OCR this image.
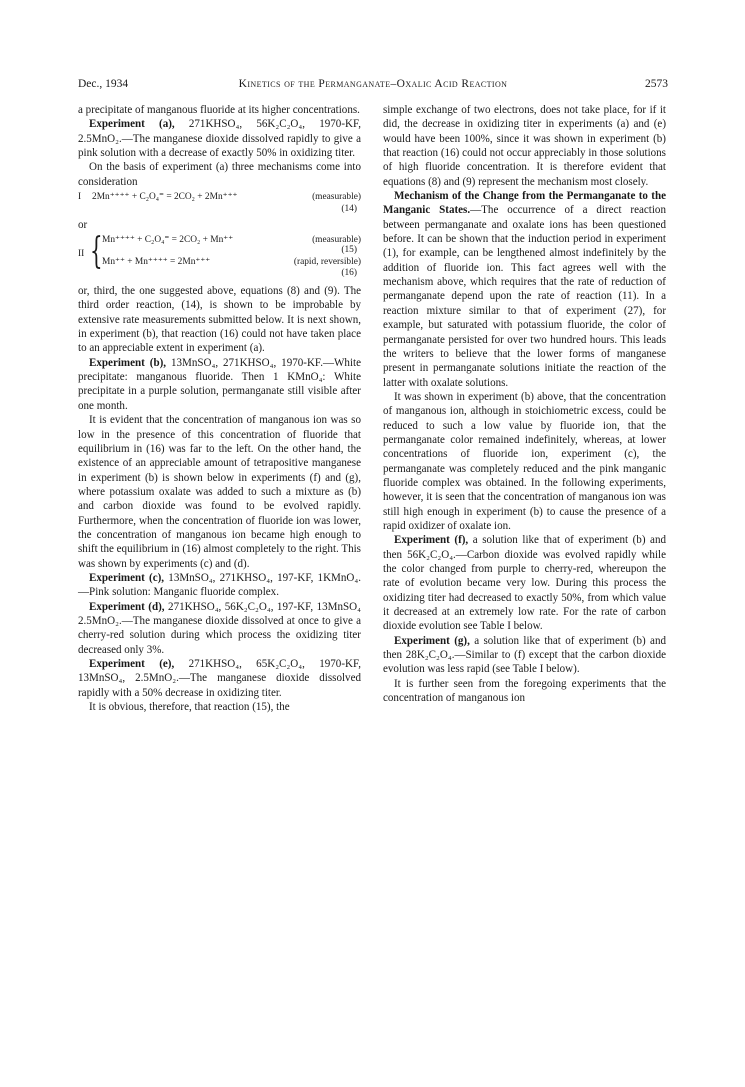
Dec., 1934	Kinetics of the Permanganate–Oxalic Acid Reaction	2573

a precipitate of manganous fluoride at its higher concentrations.

Experiment (a), 271KHSO₄, 56K₂C₂O₄, 1970-KF, 2.5MnO₂.—The manganese dioxide dissolved rapidly to give a pink solution with a decrease of exactly 50% in oxidizing titer.

On the basis of experiment (a) three mechanisms come into consideration

I 2Mn⁺⁺⁺⁺ + C₂O₄⁼ = 2CO₂ + 2Mn⁺⁺⁺	(measurable)
(14)
or
II { Mn⁺⁺⁺⁺ + C₂O₄⁼ = 2CO₂ + Mn⁺⁺	(measurable)
(15)
Mn⁺⁺ + Mn⁺⁺⁺⁺ = 2Mn⁺⁺⁺	(rapid, reversible)
(16)

or, third, the one suggested above, equations (8) and (9). The third order reaction, (14), is shown to be improbable by extensive rate measurements submitted below. It is next shown, in experiment (b), that reaction (16) could not have taken place to an appreciable extent in experiment (a).

Experiment (b), 13MnSO₄, 271KHSO₄, 1970-KF.—White precipitate: manganous fluoride. Then 1 KMnO₄: White precipitate in a purple solution, permanganate still visible after one month.

It is evident that the concentration of manganous ion was so low in the presence of this concentration of fluoride that equilibrium in (16) was far to the left. On the other hand, the existence of an appreciable amount of tetrapositive manganese in experiment (b) is shown below in experiments (f) and (g), where potassium oxalate was added to such a mixture as (b) and carbon dioxide was found to be evolved rapidly. Furthermore, when the concentration of fluoride ion was lower, the concentration of manganous ion became high enough to shift the equilibrium in (16) almost completely to the right. This was shown by experiments (c) and (d).

Experiment (c), 13MnSO₄, 271KHSO₄, 197-KF, 1KMnO₄.—Pink solution: Manganic fluoride complex.

Experiment (d), 271KHSO₄, 56K₂C₂O₄, 197-KF, 13MnSO₄ 2.5MnO₂.—The manganese dioxide dissolved at once to give a cherry-red solution during which process the oxidizing titer decreased only 3%.

Experiment (e), 271KHSO₄, 65K₂C₂O₄, 1970-KF, 13MnSO₄, 2.5MnO₂.—The manganese dioxide dissolved rapidly with a 50% decrease in oxidizing titer.

It is obvious, therefore, that reaction (15), the

simple exchange of two electrons, does not take place, for if it did, the decrease in oxidizing titer in experiments (a) and (e) would have been 100%, since it was shown in experiment (b) that reaction (16) could not occur appreciably in those solutions of high fluoride concentration. It is therefore evident that equations (8) and (9) represent the mechanism most closely.

Mechanism of the Change from the Permanganate to the Manganic States.—The occurrence of a direct reaction between permanganate and oxalate ions has been questioned before. It can be shown that the induction period in experiment (1), for example, can be lengthened almost indefinitely by the addition of fluoride ion. This fact agrees well with the mechanism above, which requires that the rate of reduction of permanganate depend upon the rate of reaction (11). In a reaction mixture similar to that of experiment (27), for example, but saturated with potassium fluoride, the color of permanganate persisted for over two hundred hours. This leads the writers to believe that the lower forms of manganese present in permanganate solutions initiate the reaction of the latter with oxalate solutions.

It was shown in experiment (b) above, that the concentration of manganous ion, although in stoichiometric excess, could be reduced to such a low value by fluoride ion, that the permanganate color remained indefinitely, whereas, at lower concentrations of fluoride ion, experiment (c), the permanganate was completely reduced and the pink manganic fluoride complex was obtained. In the following experiments, however, it is seen that the concentration of manganous ion was still high enough in experiment (b) to cause the presence of a rapid oxidizer of oxalate ion.

Experiment (f), a solution like that of experiment (b) and then 56K₂C₂O₄.—Carbon dioxide was evolved rapidly while the color changed from purple to cherry-red, whereupon the rate of evolution became very low. During this process the oxidizing titer had decreased to exactly 50%, from which value it decreased at an extremely low rate. For the rate of carbon dioxide evolution see Table I below.

Experiment (g), a solution like that of experiment (b) and then 28K₂C₂O₄.—Similar to (f) except that the carbon dioxide evolution was less rapid (see Table I below).

It is further seen from the foregoing experiments that the concentration of manganous ion
